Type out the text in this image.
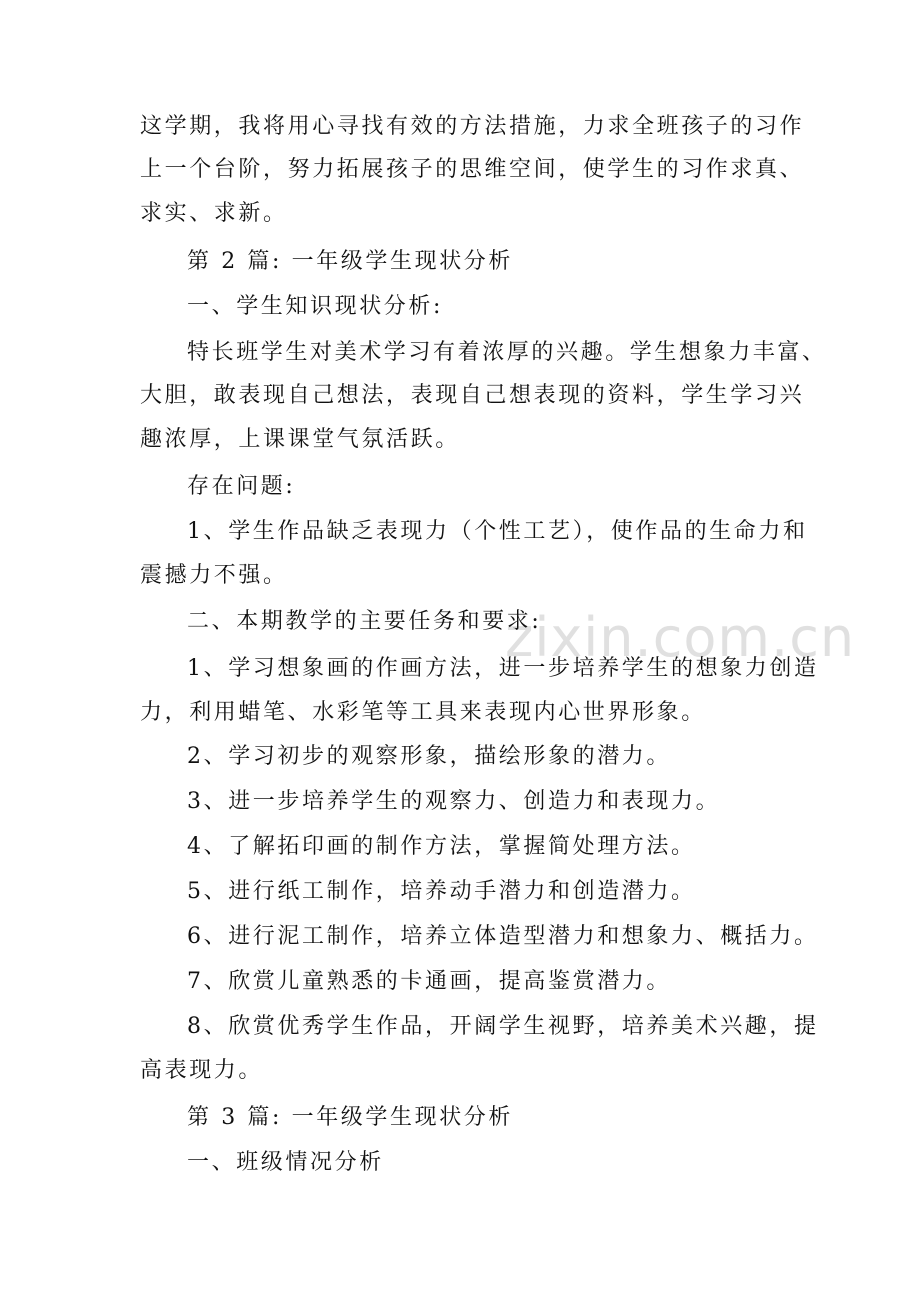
zixin.com.cn
这学期，我将用心寻找有效的方法措施，力求全班孩子的习作
上一个台阶，努力拓展孩子的思维空间，使学生的习作求真、
求实、求新。
第 2 篇: 一年级学生现状分析
一、学生知识现状分析:
特长班学生对美术学习有着浓厚的兴趣。学生想象力丰富、
大胆，敢表现自己想法，表现自己想表现的资料，学生学习兴
趣浓厚，上课课堂气氛活跃。
存在问题:
1、学生作品缺乏表现力（个性工艺），使作品的生命力和
震撼力不强。
二、本期教学的主要任务和要求:
1、学习想象画的作画方法，进一步培养学生的想象力创造
力，利用蜡笔、水彩笔等工具来表现内心世界形象。
2、学习初步的观察形象，描绘形象的潜力。
3、进一步培养学生的观察力、创造力和表现力。
4、了解拓印画的制作方法，掌握简处理方法。
5、进行纸工制作，培养动手潜力和创造潜力。
6、进行泥工制作，培养立体造型潜力和想象力、概括力。
7、欣赏儿童熟悉的卡通画，提高鉴赏潜力。
8、欣赏优秀学生作品，开阔学生视野，培养美术兴趣，提
高表现力。
第 3 篇: 一年级学生现状分析
一、班级情况分析
